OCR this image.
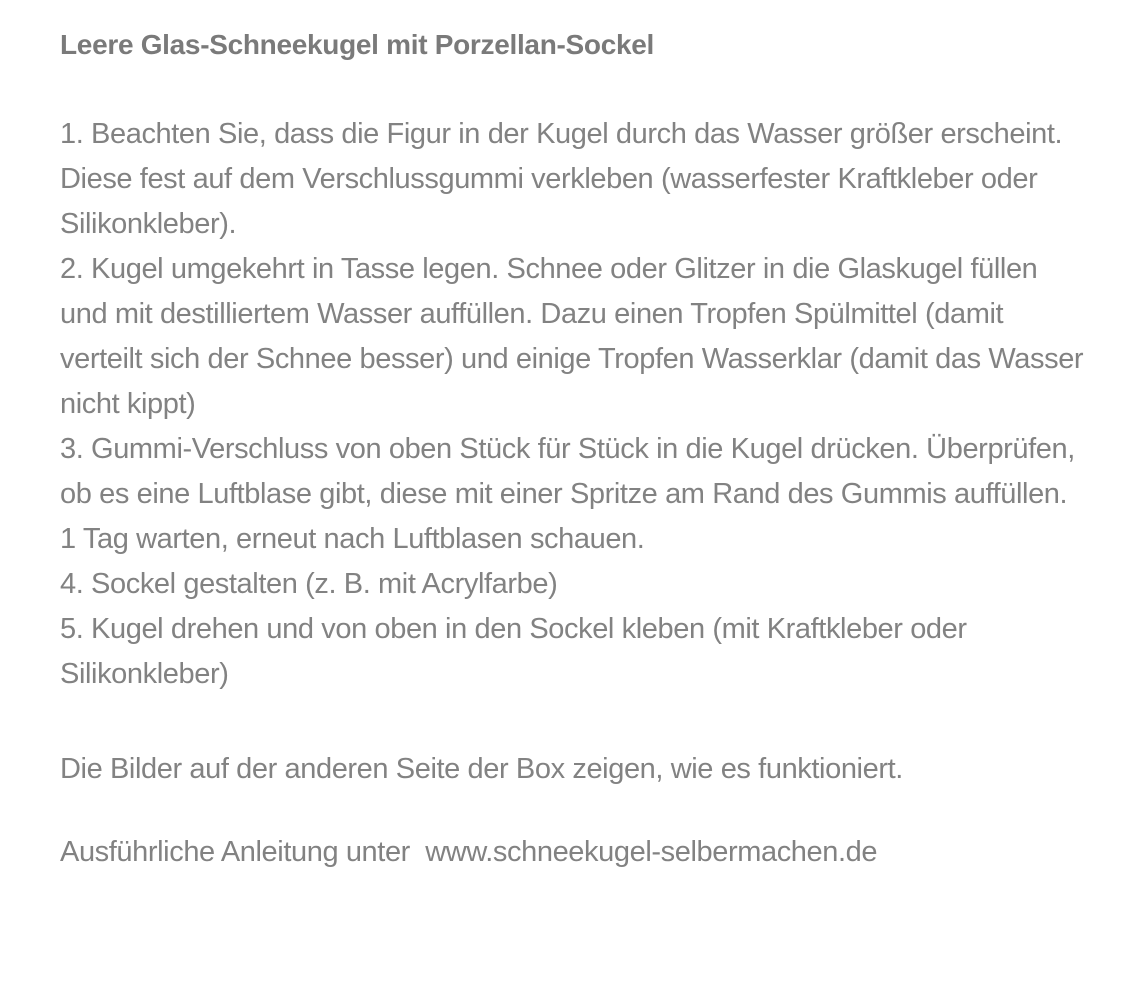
Leere Glas-Schneekugel mit Porzellan-Sockel

1. Beachten Sie, dass die Figur in der Kugel durch das Wasser größer erscheint. Diese fest auf dem Verschlussgummi verkleben (wasserfester Kraftkleber oder Silikonkleber).

2. Kugel umgekehrt in Tasse legen. Schnee oder Glitzer in die Glaskugel füllen und mit destilliertem Wasser auffüllen. Dazu einen Tropfen Spülmittel (damit verteilt sich der Schnee besser) und einige Tropfen Wasserklar (damit das Wasser nicht kippt)

3. Gummi-Verschluss von oben Stück für Stück in die Kugel drücken. Überprüfen, ob es eine Luftblase gibt, diese mit einer Spritze am Rand des Gummis auffüllen. 1 Tag warten, erneut nach Luftblasen schauen.

4. Sockel gestalten (z. B. mit Acrylfarbe)

5. Kugel drehen und von oben in den Sockel kleben (mit Kraftkleber oder Silikonkleber)

Die Bilder auf der anderen Seite der Box zeigen, wie es funktioniert.

Ausführliche Anleitung unter  www.schneekugel-selbermachen.de
